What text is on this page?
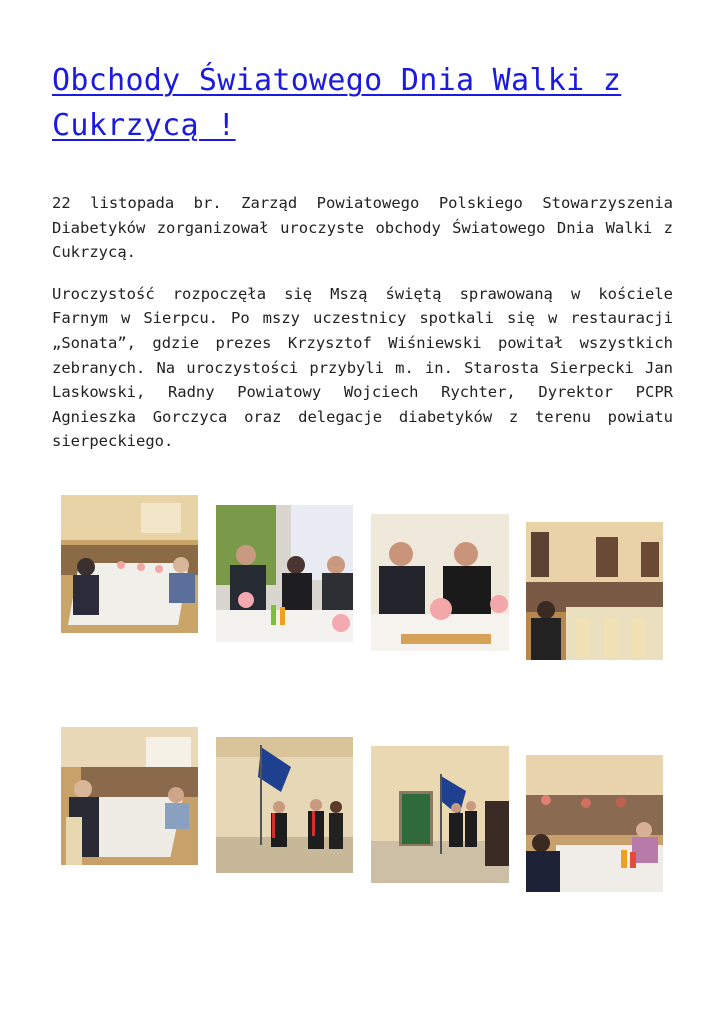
Obchody Światowego Dnia Walki z Cukrzycą !

22 listopada br. Zarząd Powiatowego Polskiego Stowarzyszenia Diabetyków zorganizował uroczyste obchody Światowego Dnia Walki z Cukrzycą.

Uroczystość rozpoczęła się Mszą świętą sprawowaną w kościele Farnym w Sierpcu. Po mszy uczestnicy spotkali się w restauracji „Sonata”, gdzie prezes Krzysztof Wiśniewski powitał wszystkich zebranych. Na uroczystości przybyli m. in. Starosta Sierpecki Jan Laskowski, Radny Powiatowy Wojciech Rychter, Dyrektor PCPR Agnieszka Gorczyca oraz delegacje diabetyków z terenu powiatu sierpeckiego.
